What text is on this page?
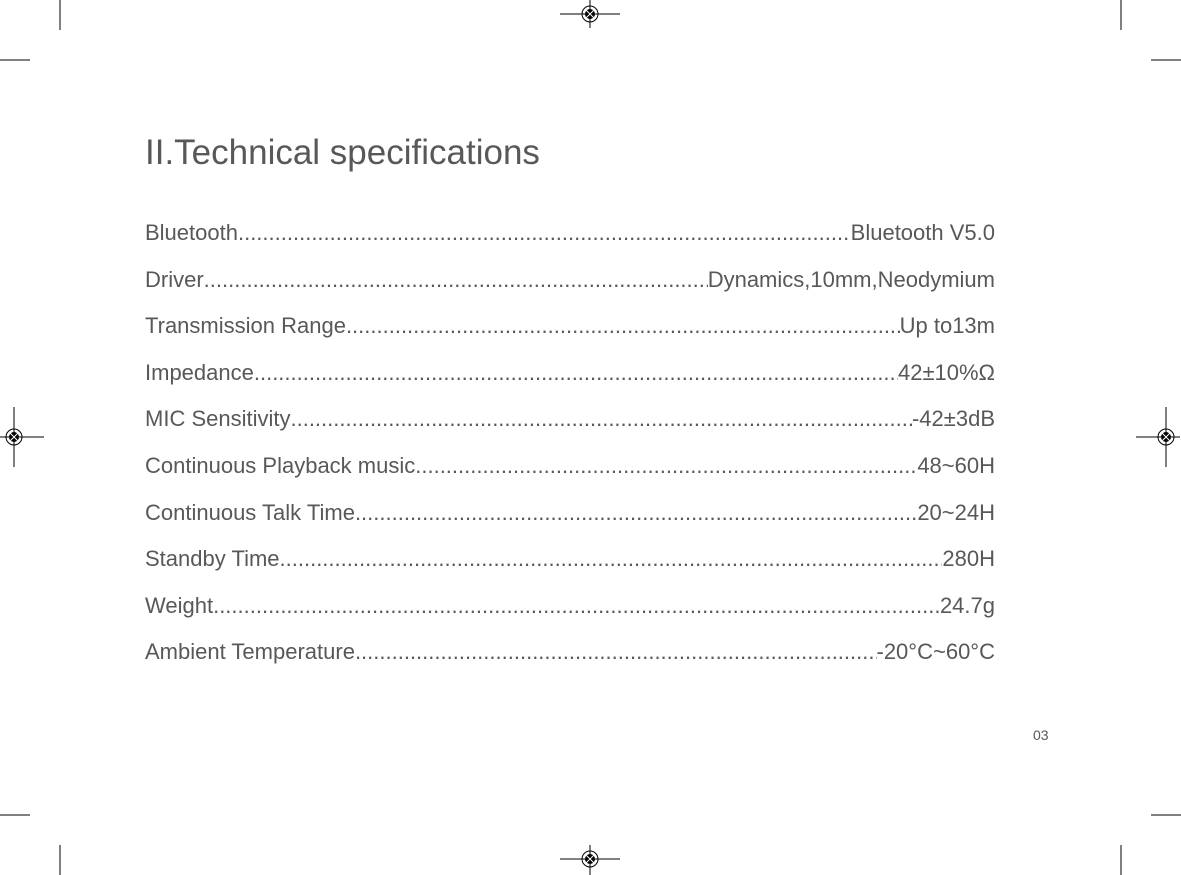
II.Technical specifications
Bluetooth .....	Bluetooth V5.0
Driver .....	Dynamics,10mm,Neodymium
Transmission Range .....	Up to13m
Impedance .....	42±10%Ω
MIC Sensitivity .....	-42±3dB
Continuous Playback music .....	48~60H
Continuous Talk Time .....	20~24H
Standby Time .....	280H
Weight .....	24.7g
Ambient Temperature .....	-20°C~60°C
03
